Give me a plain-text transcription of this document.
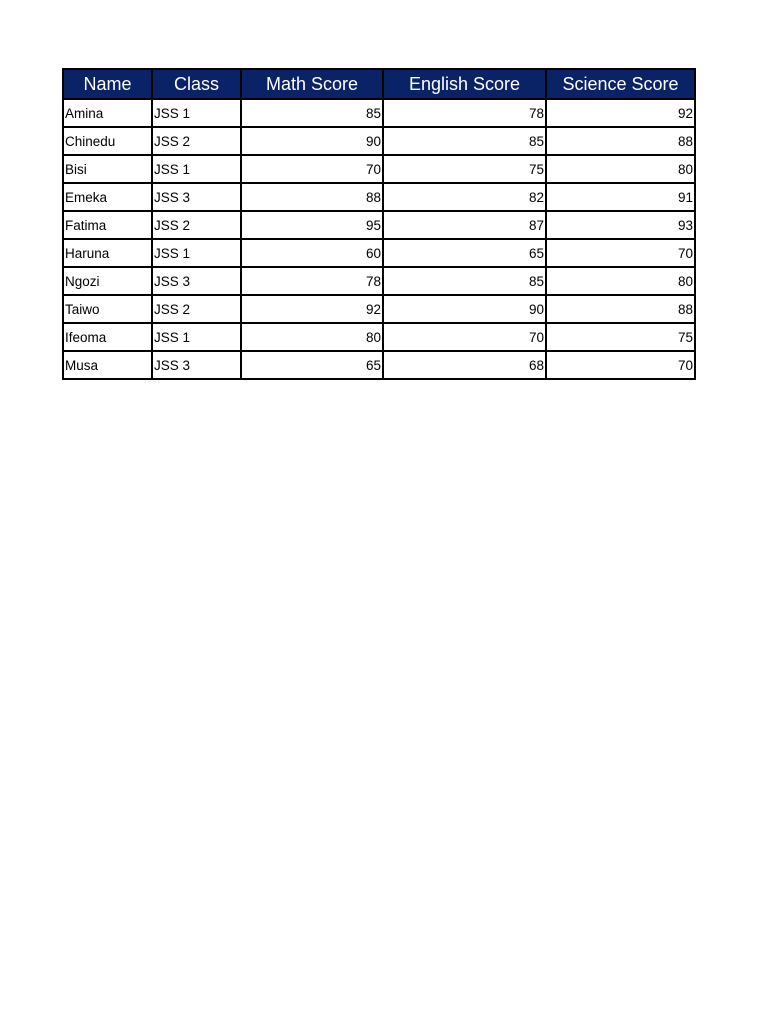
Name	Class	Math Score	English Score	Science Score
Amina	JSS 1	85	78	92
Chinedu	JSS 2	90	85	88
Bisi	JSS 1	70	75	80
Emeka	JSS 3	88	82	91
Fatima	JSS 2	95	87	93
Haruna	JSS 1	60	65	70
Ngozi	JSS 3	78	85	80
Taiwo	JSS 2	92	90	88
Ifeoma	JSS 1	80	70	75
Musa	JSS 3	65	68	70
